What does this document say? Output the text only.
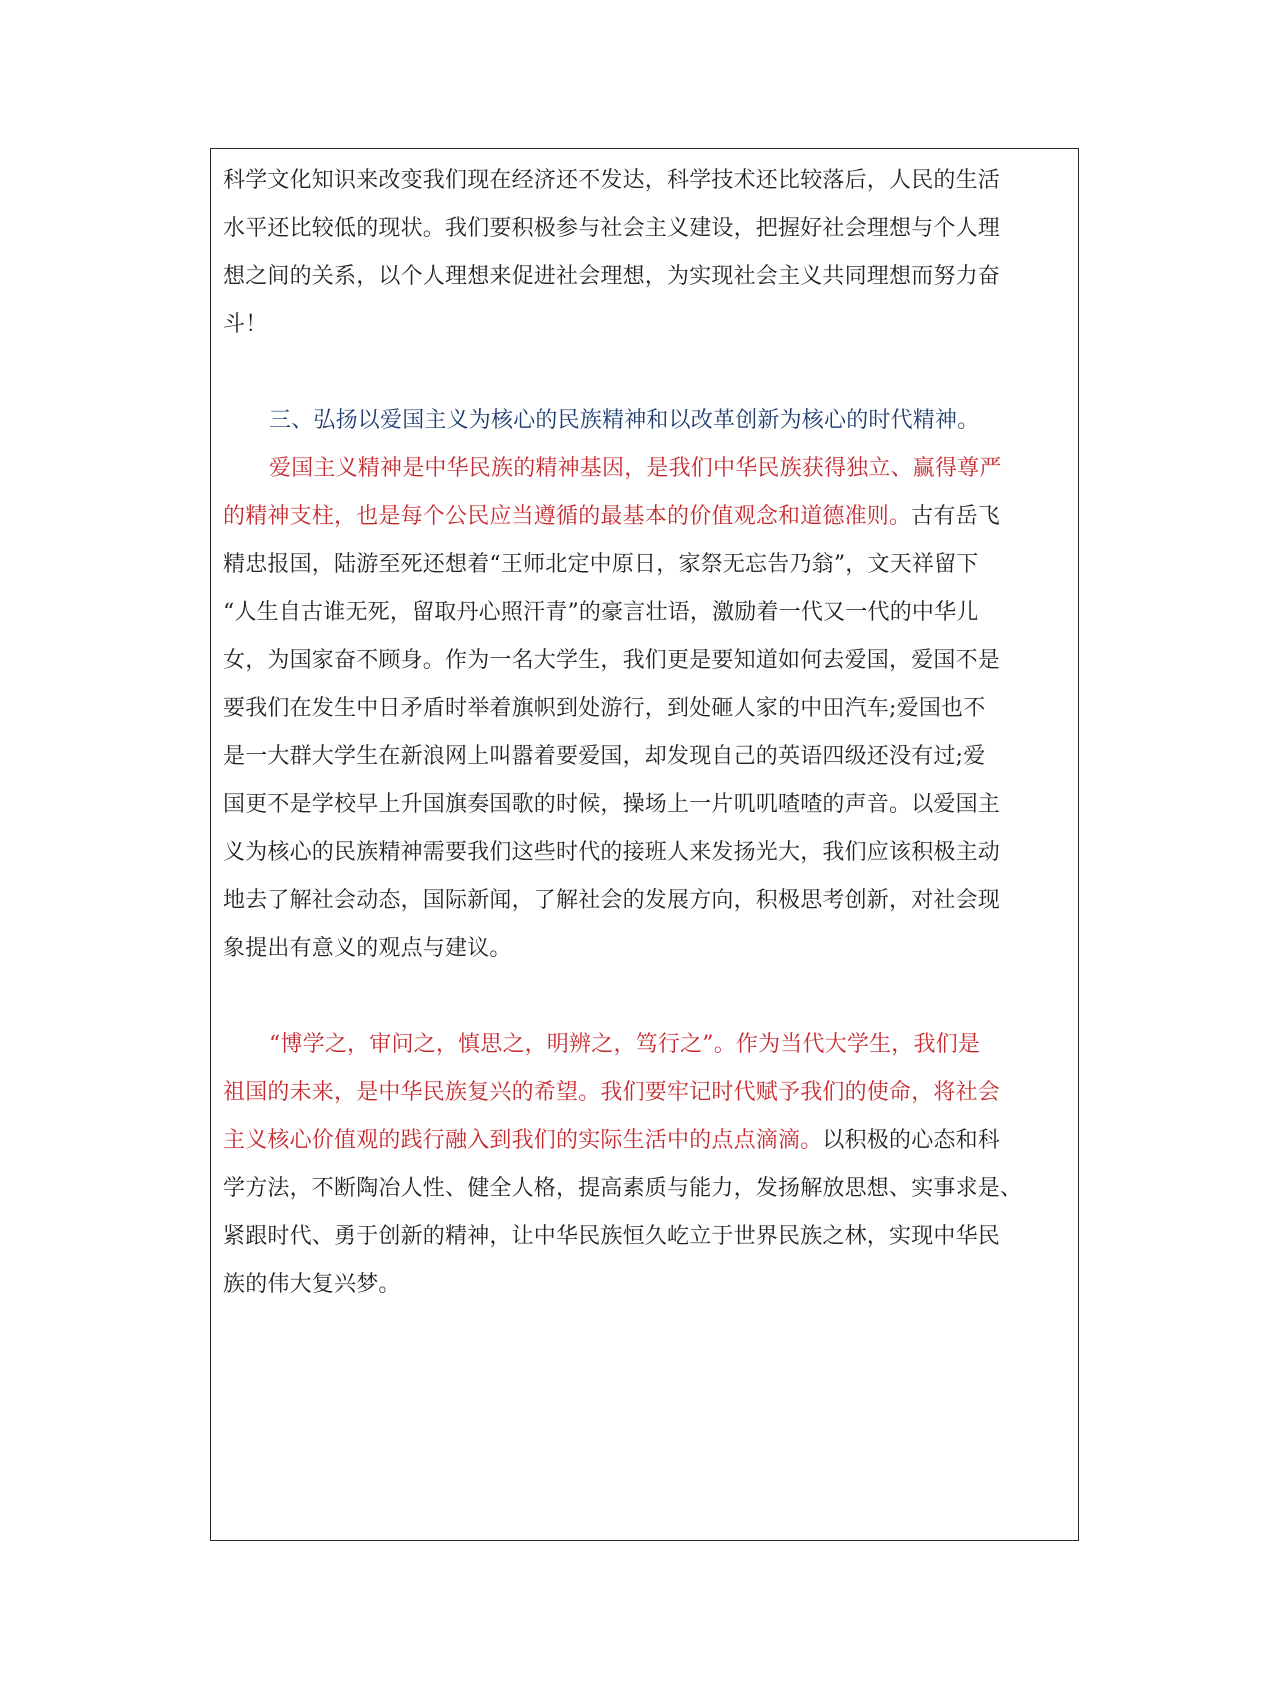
科学文化知识来改变我们现在经济还不发达，科学技术还比较落后，人民的生活
水平还比较低的现状。我们要积极参与社会主义建设，把握好社会理想与个人理
想之间的关系，以个人理想来促进社会理想，为实现社会主义共同理想而努力奋
斗！
三、弘扬以爱国主义为核心的民族精神和以改革创新为核心的时代精神。
爱国主义精神是中华民族的精神基因，是我们中华民族获得独立、赢得尊严
的精神支柱，也是每个公民应当遵循的最基本的价值观念和道德准则。古有岳飞
精忠报国，陆游至死还想着“王师北定中原日，家祭无忘告乃翁”，文天祥留下
“人生自古谁无死，留取丹心照汗青”的豪言壮语，激励着一代又一代的中华儿
女，为国家奋不顾身。作为一名大学生，我们更是要知道如何去爱国，爱国不是
要我们在发生中日矛盾时举着旗帜到处游行，到处砸人家的中田汽车;爱国也不
是一大群大学生在新浪网上叫嚣着要爱国，却发现自己的英语四级还没有过;爱
国更不是学校早上升国旗奏国歌的时候，操场上一片叽叽喳喳的声音。以爱国主
义为核心的民族精神需要我们这些时代的接班人来发扬光大，我们应该积极主动
地去了解社会动态，国际新闻，了解社会的发展方向，积极思考创新，对社会现
象提出有意义的观点与建议。
“博学之，审问之，慎思之，明辨之，笃行之”。作为当代大学生，我们是
祖国的未来，是中华民族复兴的希望。我们要牢记时代赋予我们的使命，将社会
主义核心价值观的践行融入到我们的实际生活中的点点滴滴。以积极的心态和科
学方法，不断陶冶人性、健全人格，提高素质与能力，发扬解放思想、实事求是、
紧跟时代、勇于创新的精神，让中华民族恒久屹立于世界民族之林，实现中华民
族的伟大复兴梦。
